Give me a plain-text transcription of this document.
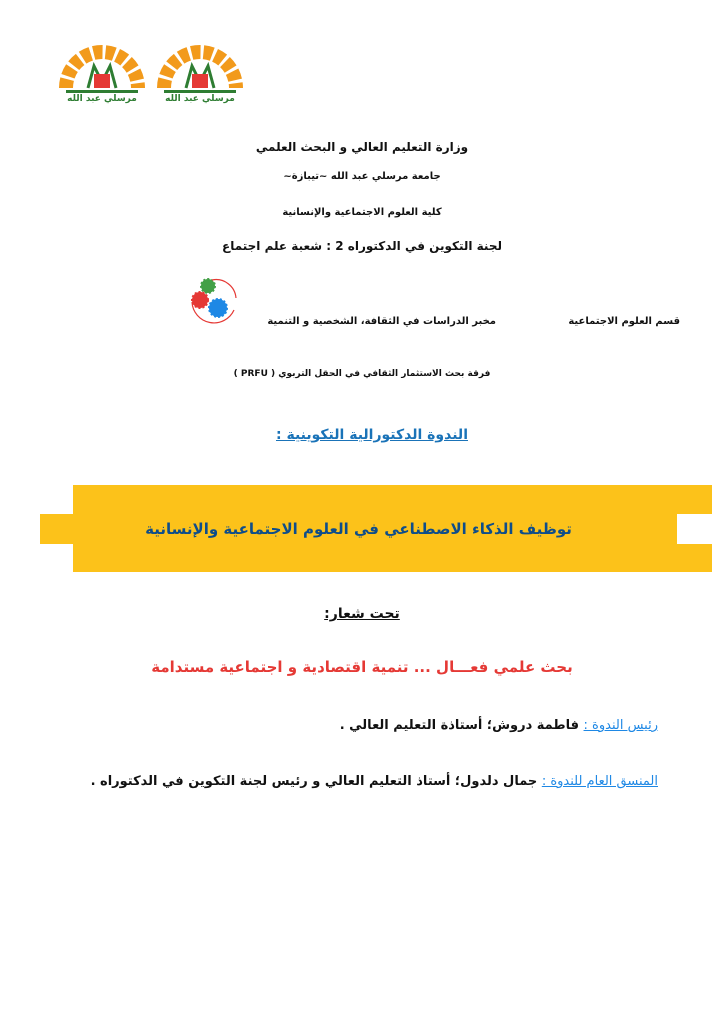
مرسلي عبد الله	مرسلي عبد الله
وزارة التعليم العالي و البحث العلمي
جامعة مرسلي عبد الله ~تيبازة~
كلية العلوم الاجتماعية والإنسانية
لجنة التكوين في الدكتوراه 2 : شعبة علم اجتماع
قسم العلوم الاجتماعية
مخبر الدراسات في الثقافة، الشخصية و التنمية
فرقة بحث الاستثمار الثقافي في الحقل التربوي ( PRFU )
الندوة الدكتورالية التكوينية :
توظيف الذكاء الاصطناعي في العلوم الاجتماعية والإنسانية
تحت شعار:
بحث علمي فعـــال ... تنمية اقتصادية و اجتماعية مستدامة
رئيس الندوة : فاطمة دروش؛ أستاذة التعليم العالي .
المنسق العام للندوة : جمال دلدول؛ أستاذ التعليم العالي و رئيس لجنة التكوين في الدكتوراه .
